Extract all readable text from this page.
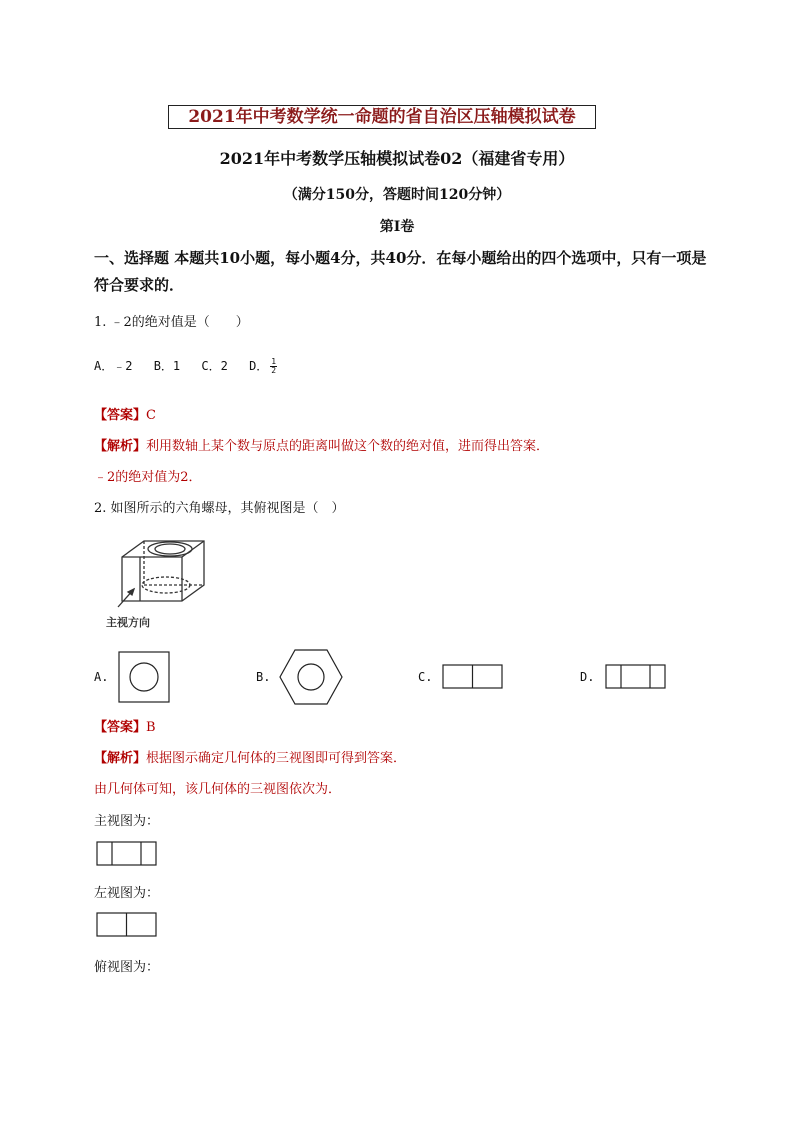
2021年中考数学统一命题的省自治区压轴模拟试卷
2021年中考数学压轴模拟试卷02（福建省专用）
（满分150分，答题时间120分钟）
第Ⅰ卷
一、选择题 本题共10小题，每小题4分，共40分．在每小题给出的四个选项中，只有一项是符合要求的．
1. ﹣2的绝对值是（　　）
A．﹣2 B．1 C．2 D． $\frac{1}{2}$
【答案】C
【解析】利用数轴上某个数与原点的距离叫做这个数的绝对值，进而得出答案．
﹣2的绝对值为2．
2. 如图所示的六角螺母，其俯视图是（　）
主视方向
A.	B.	C.	D.
【答案】B
【解析】根据图示确定几何体的三视图即可得到答案．
由几何体可知，该几何体的三视图依次为．
主视图为：
左视图为：
俯视图为：
